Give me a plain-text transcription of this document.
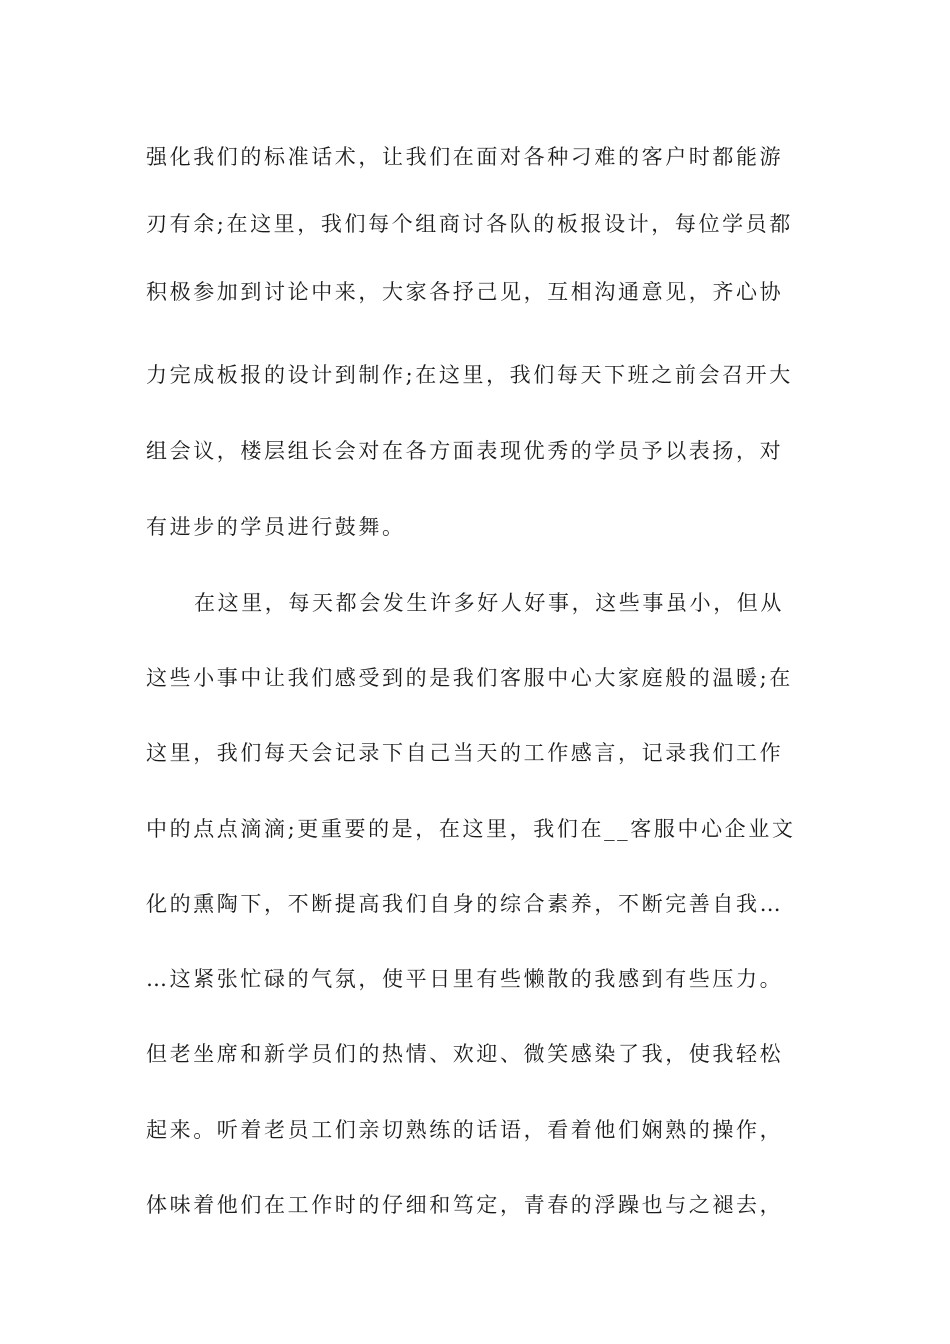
强化我们的标准话术，让我们在面对各种刁难的客户时都能游
刃有余;在这里，我们每个组商讨各队的板报设计，每位学员都
积极参加到讨论中来，大家各抒己见，互相沟通意见，齐心协
力完成板报的设计到制作;在这里，我们每天下班之前会召开大
组会议，楼层组长会对在各方面表现优秀的学员予以表扬，对
有进步的学员进行鼓舞。
在这里，每天都会发生许多好人好事，这些事虽小，但从
这些小事中让我们感受到的是我们客服中心大家庭般的温暖;在
这里，我们每天会记录下自己当天的工作感言，记录我们工作
中的点点滴滴;更重要的是，在这里，我们在__客服中心企业文
化的熏陶下，不断提高我们自身的综合素养，不断完善自我…
…这紧张忙碌的气氛，使平日里有些懒散的我感到有些压力。
但老坐席和新学员们的热情、欢迎、微笑感染了我，使我轻松
起来。听着老员工们亲切熟练的话语，看着他们娴熟的操作，
体味着他们在工作时的仔细和笃定，青春的浮躁也与之褪去，
